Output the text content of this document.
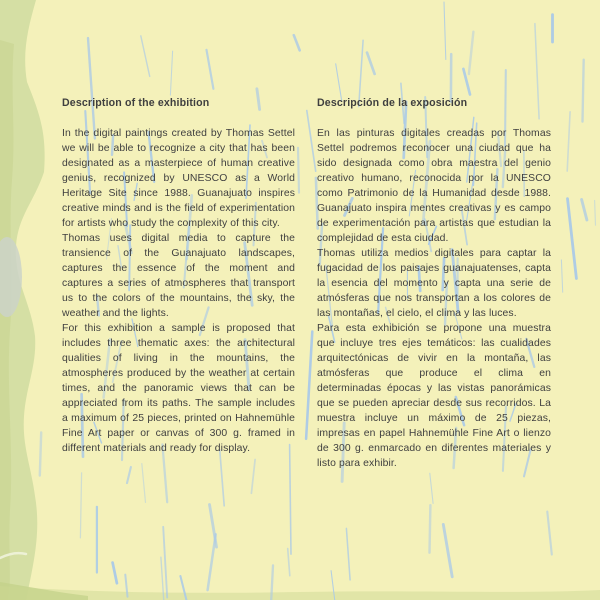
Description of the exhibition

In the digital paintings created by Thomas Settel we will be able to recognize a city that has been designated as a masterpiece of human creative genius, recognized by UNESCO as a World Heritage Site since 1988. Guanajuato inspires creative minds and is the field of experimentation for artists who study the complexity of this city.

Thomas uses digital media to capture the transience of the Guanajuato landscapes, captures the essence of the moment and captures a series of atmospheres that transport us to the colors of the mountains, the sky, the weather and the lights.

For this exhibition a sample is proposed that includes three thematic axes: the architectural qualities of living in the mountains, the atmospheres produced by the weather at certain times, and the panoramic views that can be appreciated from its paths. The sample includes a maximum of 25 pieces, printed on Hahnemühle Fine Art paper or canvas of 300 g. framed in different materials and ready for display.

Descripción de la exposición

En las pinturas digitales creadas por Thomas Settel podremos reconocer una ciudad que ha sido designada como obra maestra del genio creativo humano, reconocida por la UNESCO como Patrimonio de la Humanidad desde 1988. Guanajuato inspira mentes creativas y es campo de experimentación para artistas que estudian la complejidad de esta ciudad.

Thomas utiliza medios digitales para captar la fugacidad de los paisajes guanajuatenses, capta la esencia del momento y capta una serie de atmósferas que nos transportan a los colores de las montañas, el cielo, el clima y las luces.

Para esta exhibición se propone una muestra que incluye tres ejes temáticos: las cualidades arquitectónicas de vivir en la montaña, las atmósferas que produce el clima en determinadas épocas y las vistas panorámicas que se pueden apreciar desde sus recorridos. La muestra incluye un máximo de 25 piezas, impresas en papel Hahnemühle Fine Art o lienzo de 300 g. enmarcado en diferentes materiales y listo para exhibir.
